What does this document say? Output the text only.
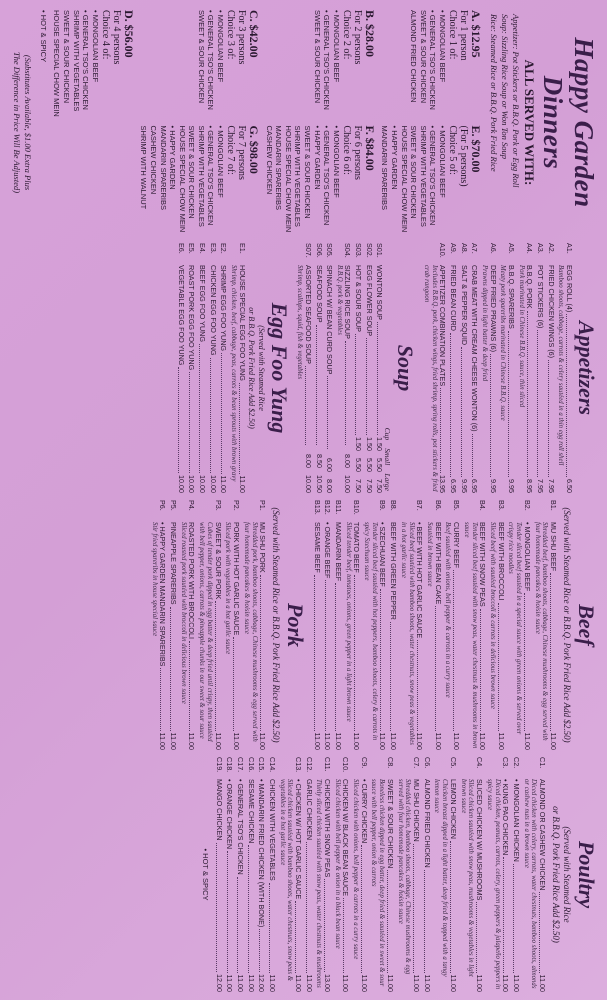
Happy Garden Dinners
ALL SERVED WITH:
Appetizer: Pot Stickers or B.B.Q. Pork or Egg Roll
Soup: Sizzling Rice Soup or Won Ton Soup
Rice: Steamed Rice or B.B.Q. Pork Fried Rice
A. $12.95
For 1 person
Choice 1 of:
• MONGOLIAN BEEF
• GENERAL TSO'S CHICKEN
SWEET & SOUR CHICKEN
ALMOND FRIED CHICKEN
E. $70.00
(For 5 persons)
Choice 5 of:
• MONGOLIAN BEEF
• GENERAL TSO'S CHICKEN
SHRIMP WITH VEGETABLES
SWEET & SOUR CHICKEN
HOUSE SPECIAL CHOW MEIN
• HAPPY GARDEN
MANDARIN SPARERIBS
B. $28.00
For 2 persons
Choice 2 of:
• MONGOLIAN BEEF
• GENERAL TSO'S CHICKEN
SWEET & SOUR CHICKEN
F. $84.00
For 6 persons
Choice 6 of:
• MONGOLIAN BEEF
• GENERAL TSO'S CHICKEN
• HAPPY GARDEN
SWEET & SOUR CHICKEN
SHRIMP WITH VEGETABLES
HOUSE SPECIAL CHOW MEIN
MANDARIN SPARERIBS
CASHEW CHICKEN
C. $42.00
For 3 persons
Choice 3 of:
• MONGOLIAN BEEF
• GENERAL TSO'S CHICKEN
SWEET & SOUR CHICKEN
G. $98.00
For 7 persons
Choice 7 of:
• MONGOLIAN BEEF
• GENERAL TSO'S CHICKEN
SHRIMP WITH VEGETABLES
SWEET & SOUR CHICKEN
HOUSE SPECIAL CHOW MEIN
• HAPPY GARDEN
MANDARIN SPARERIBS
CASHEW CHICKEN
SHRIMP WITH WALNUT
D. $56.00
For 4 persons
Choice 4 of:
• MONGOLIAN BEEF
• GENERAL TSO'S CHICKEN
SHRIMP WITH VEGETABLES
SWEET & SOUR CHICKEN
HOUSE SPECIAL CHOW MEIN
• HOT & SPICY
(Substitutes Available, $1.00 Extra Plus
The Difference in Price Will Be Adjusted)
Appetizers
A1.
EGG ROLL (4)
6.50
Bamboo shoots, cabbage, carrots & celery sautéed in a thin egg roll shell
A2.
FRIED CHICKEN WINGS (6)
7.95
A3.
POT STICKERS (6)
7.95
A4.
B.B.Q. PORK
8.95
Pork marinated in Chinese B.B.Q. sauce, thin sliced
A5.
B.B.Q. SPARERIBS
9.95
Meaty pork spareribs marinated in Chinese B.B.Q. sauce
A6.
DEEP FRIED PRAWNS (6)
9.95
Prawns dipped in light batter & deep fried
A7.
CRAB MEAT WITH CREAM CHEESE WONTON (6)
6.95
A8.
SALT & PEPPER SQUID
9.95
A9.
FRIED BEAN CURD
6.95
A10.
APPETIZER COMBINATION PLATES
13.95
Includes B.B.Q. pork, chicken wings, fried shrimp, spring rolls, pot stickers & fried crab rangoon
Soup
Cup
Small
Large
S01.
WONTON SOUP
1.505.507.50
S02.
EGG FLOWER SOUP
1.505.507.50
S03.
HOT & SOUR SOUP
1.505.507.50
S04.
SIZZLING RICE SOUP
8.0010.00
B.B.Q. pork & vegetables
S05.
SPINACH W/ BEAN CURD SOUP
6.008.00
S06.
SEAFOOD SOUP
8.5010.50
S07.
ASSORTED SEAFOOD SOUP
8.0010.00
Shrimp, scallops, squid, fish & vegetables
Egg Foo Yung
(Served with Steamed Rice
or B.B.Q. Pork Fried Rice Add $2.50)
E1.
HOUSE SPECIAL EGG FOO YUNG
11.00
Shrimp, chicken, beef, cabbage, peas, carrots & bean sprouts with brown gravy
E2.
SHRIMP EGG FOO YUNG
11.00
E3.
CHICKEN EGG FOO YUNG
10.00
E4.
BEEF EGG FOO YUNG
10.00
E5.
ROAST PORK EGG FOO YUNG
10.00
E6.
VEGETABLE EGG FOO YUNG
10.00
Beef
(Served with Steamed Rice or B.B.Q. Pork Fried Rice Add $2.50)
B1.
MU SHU BEEF
11.00
Shredded beef, bamboo shoots, cabbage, Chinese mushrooms & egg served with four homemade pancakes & hoisin sauce
B2.
• MONGOLIAN BEEF
11.00
Tender sliced beef sautéed in a special sauce with green onions & served over crispy rice noodles
B3.
BEEF WITH BROCCOLI
11.00
Sliced beef with sautéed broccoli & carrots in delicious brown sauce
B4.
BEEF WITH SNOW PEAS
11.00
Tender sliced beef sautéed with snow peas, water chestnuts & mushrooms in brown sauce
B5.
CURRY BEEF
11.00
Beef sautéed with onions, bell pepper & carrots in a curry sauce
B6.
BEEF WITH BEAN CAKE
11.00
Sautéed in brown sauce
B7.
• BEEF WITH HOT GARLIC SAUCE
11.00
Sliced beef sautéed with bamboo shoots, water chestnuts, snow peas & vegetables in a hot garlic sauce
B8.
BEEF WITH GREEN PEPPER
11.00
B9.
• SZECHUAN BEEF
11.00
Tender sliced beef sautéed with hot peppers, bamboo shoots, celery & carrots in spicy Szechuan sauce
B10.
TOMATO BEEF
11.00
Sliced tender beef, tomatoes, onions, green pepper in a light brown sauce
B11.
MANDARIN BEEF
11.00
B12.
• ORANGE BEEF
11.00
B13.
SESAME BEEF
11.00
Pork
(Served with Steamed Rice or B.B.Q. Pork Fried Rice Add $2.50)
P1.
MU SHU PORK
11.00
Shredded pork, bamboo shoots, cabbage, Chinese mushrooms & egg served with four homemade pancakes & hoisin sauce
P2.
PORK WITH HOT GARLIC SAUCE
11.00
Sliced pork with vegetables in a hot garlic sauce
P3.
SWEET & SOUR PORK
11.00
Cubes of tender pork dipped in egg batter & deep fried until crispy, then sautéed with bell pepper, onions, carrots & pineapple chunks in our sweet & sour sauce
P4.
ROASTED PORK WITH BROCCOLI
11.00
Sliced roasted pork sautéed with broccoli in delicious brown sauce
P5.
PINEAPPLE SPARERIBS
11.00
P6.
• HAPPY GARDEN MANDARIN SPARERIBS
11.00
Stir fried spareribs in house special sauce
Poultry
(Served with Steamed Rice
or B.B.Q. Pork Fried Rice Add $2.50)
C1.
ALMOND OR CASHEW CHICKEN
11.00
Diced chicken with celery, carrots, water chestnuts, bamboo shoots, almonds or cashew nuts in a brown sauce
C2.
• MONGOLIAN CHICKEN
11.00
C3.
• KUNG PAO CHICKEN
11.00
Diced chicken, peanuts, carrots, celery, green peppers & jalapeño peppers in spicy sauce
C4.
SLICED CHICKEN W/ MUSHROOMS
11.00
Sliced chicken sautéed with snow peas, mushrooms & vegetables in light brown sauce
C5.
LEMON CHICKEN
11.00
Chicken breast dipped in a light batter, deep fried & topped with a tangy lemon sauce
C6.
ALMOND FRIED CHICKEN
11.00
C7.
MU SHU CHICKEN
11.00
Shredded chicken, bamboo shoots, cabbage, Chinese mushrooms & egg served with four homemade pancakes & hoisin sauce
C8.
SWEET & SOUR CHICKEN
11.00
Boneless chicken dipped in egg batter, deep fried & sautéed in sweet & sour sauce with bell pepper, onion & carrots
C9.
• CURRY CHICKEN
11.00
Sliced chicken with onions, bell pepper & carrots in a curry sauce
C10.
CHICKEN W/ BLACK BEAN SAUCE
11.00
Sliced chicken with bell pepper & onion in a black bean sauce
C11.
CHICKEN WITH SNOW PEAS
13.00
Thinly sliced chicken sautéed with snow peas, water chestnuts & mushrooms
C12.
GARLIC CHICKEN
11.00
C13.
• CHICKEN W/ HOT GARLIC SAUCE
11.00
Sliced chicken sautéed with bamboo shoots, water chestnuts, snow peas & vegetables in a hot garlic sauce
C14.
CHICKEN WITH VEGETABLES
11.00
C15.
• MANDARIN FRIED CHICKEN (WITH BONE)
12.00
C16.
SESAME CHICKEN
11.00
C17.
• GENERAL TSO'S CHICKEN
11.00
C18.
• ORANGE CHICKEN
11.00
C19.
MANGO CHICKEN
12.00
• HOT & SPICY
